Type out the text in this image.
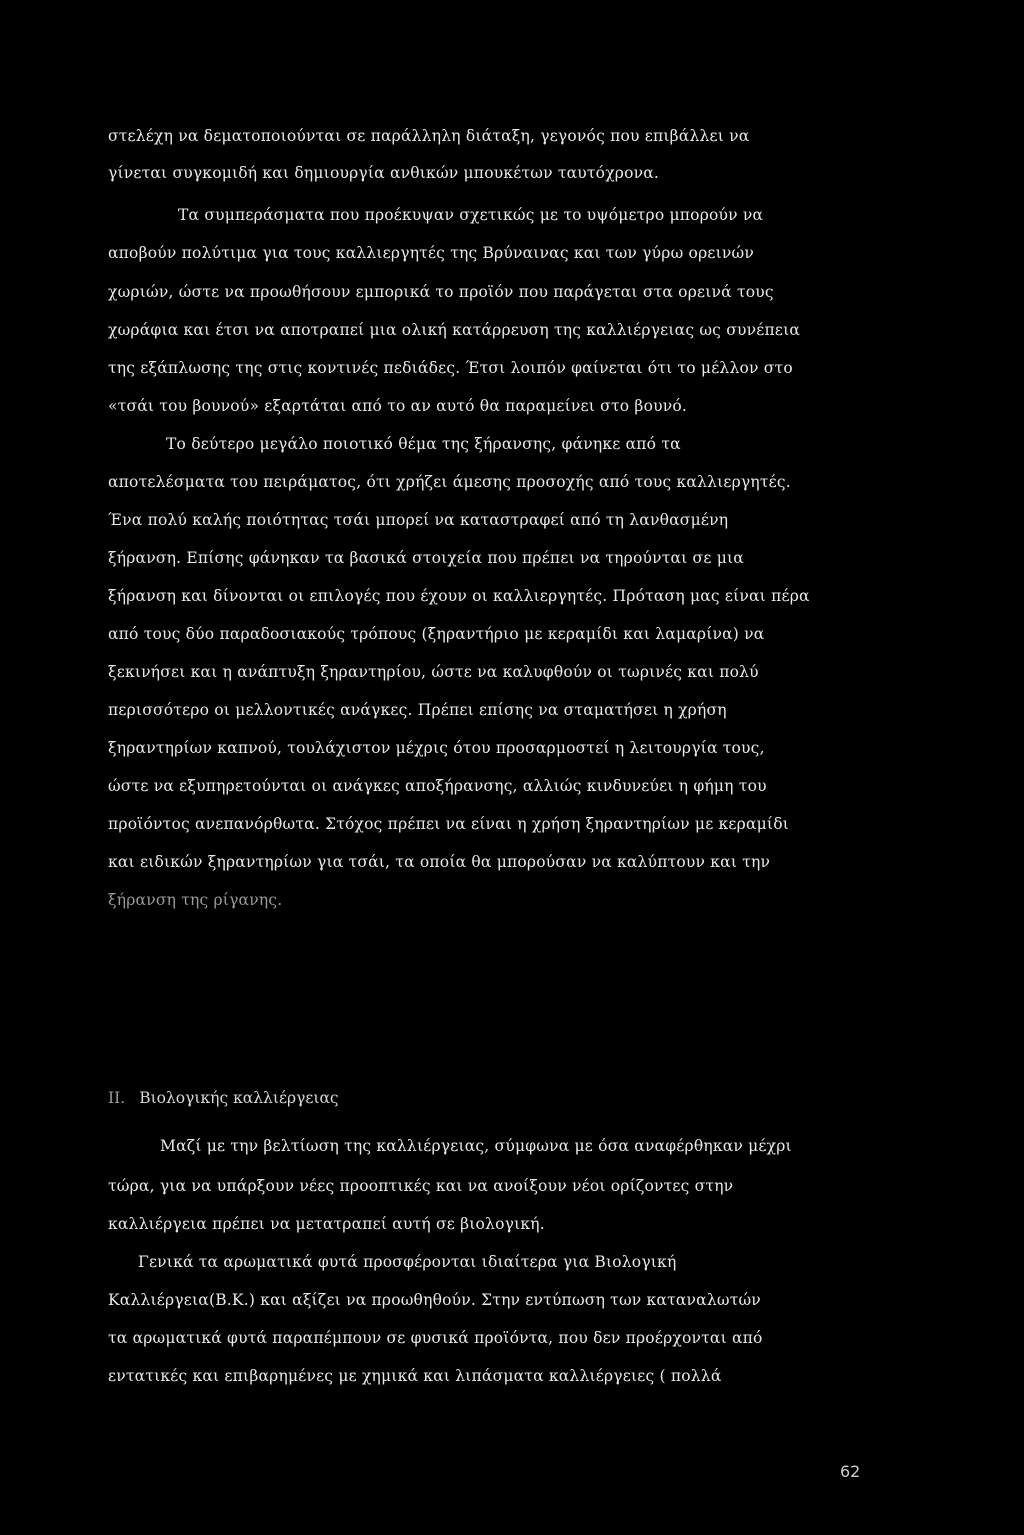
στελέχη να δεματοποιούνται σε παράλληλη διάταξη, γεγονός που επιβάλλει να
γίνεται συγκομιδή και δημιουργία ανθικών μπουκέτων ταυτόχρονα.
Τα συμπεράσματα που προέκυψαν σχετικώς με το υψόμετρο μπορούν να
αποβούν πολύτιμα για τους καλλιεργητές της Βρύναινας και των γύρω ορεινών
χωριών, ώστε να προωθήσουν εμπορικά το προϊόν που παράγεται στα ορεινά τους
χωράφια και έτσι να αποτραπεί μια ολική κατάρρευση της καλλιέργειας ως συνέπεια
της εξάπλωσης της στις κοντινές πεδιάδες. Έτσι λοιπόν φαίνεται ότι το μέλλον στο
«τσάι του βουνού» εξαρτάται από το αν αυτό θα παραμείνει στο βουνό.
Το δεύτερο μεγάλο ποιοτικό θέμα της ξήρανσης, φάνηκε από τα
αποτελέσματα του πειράματος, ότι χρήζει άμεσης προσοχής από τους καλλιεργητές.
Ένα πολύ καλής ποιότητας τσάι μπορεί να καταστραφεί από τη λανθασμένη
ξήρανση. Επίσης φάνηκαν τα βασικά στοιχεία που πρέπει να τηρούνται σε μια
ξήρανση και δίνονται οι επιλογές που έχουν οι καλλιεργητές. Πρόταση μας είναι πέρα
από τους δύο παραδοσιακούς τρόπους (ξηραντήριο με κεραμίδι και λαμαρίνα) να
ξεκινήσει και η ανάπτυξη ξηραντηρίου, ώστε να καλυφθούν οι τωρινές και πολύ
περισσότερο οι μελλοντικές ανάγκες. Πρέπει επίσης να σταματήσει η χρήση
ξηραντηρίων καπνού, τουλάχιστον μέχρις ότου προσαρμοστεί η λειτουργία τους,
ώστε να εξυπηρετούνται οι ανάγκες αποξήρανσης, αλλιώς κινδυνεύει η φήμη του
προϊόντος ανεπανόρθωτα. Στόχος πρέπει να είναι η χρήση ξηραντηρίων με κεραμίδι
και ειδικών ξηραντηρίων για τσάι, τα οποία θα μπορούσαν να καλύπτουν και την
ξήρανση της ρίγανης.
II. Βιολογικής καλλιέργειας
Μαζί με την βελτίωση της καλλιέργειας, σύμφωνα με όσα αναφέρθηκαν μέχρι
τώρα, για να υπάρξουν νέες προοπτικές και να ανοίξουν νέοι ορίζοντες στην
καλλιέργεια πρέπει να μετατραπεί αυτή σε βιολογική.
Γενικά τα αρωματικά φυτά προσφέρονται ιδιαίτερα για Βιολογική
Καλλιέργεια(Β.Κ.) και αξίζει να προωθηθούν. Στην εντύπωση των καταναλωτών
τα αρωματικά φυτά παραπέμπουν σε φυσικά προϊόντα, που δεν προέρχονται από
εντατικές και επιβαρημένες με χημικά και λιπάσματα καλλιέργειες ( πολλά
62
